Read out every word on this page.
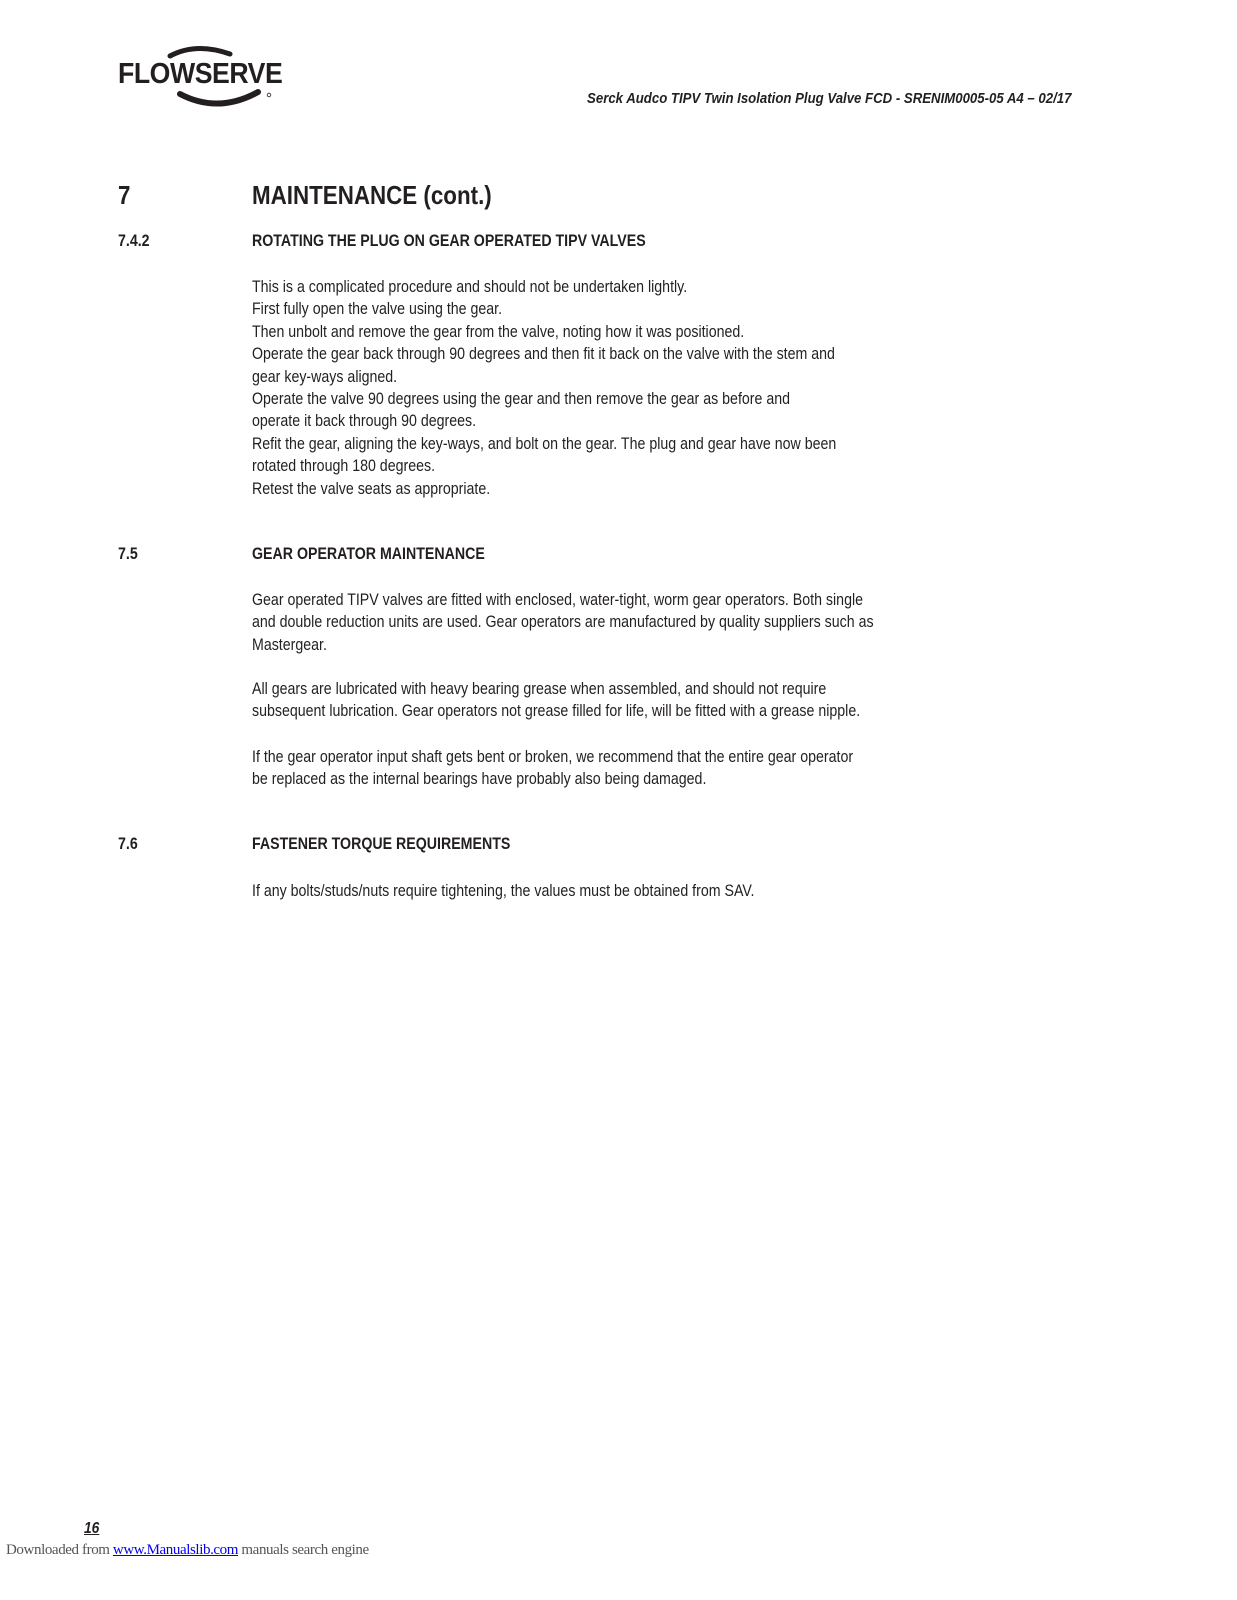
FLOWSERVE
Serck Audco TIPV Twin Isolation Plug Valve FCD - SRENIM0005-05 A4 – 02/17
7	MAINTENANCE (cont.)
7.4.2	ROTATING THE PLUG ON GEAR OPERATED TIPV VALVES
This is a complicated procedure and should not be undertaken lightly.
First fully open the valve using the gear.
Then unbolt and remove the gear from the valve, noting how it was positioned.
Operate the gear back through 90 degrees and then fit it back on the valve with the stem and
gear key-ways aligned.
Operate the valve 90 degrees using the gear and then remove the gear as before and
operate it back through 90 degrees.
Refit the gear, aligning the key-ways, and bolt on the gear. The plug and gear have now been
rotated through 180 degrees.
Retest the valve seats as appropriate.
7.5	GEAR OPERATOR MAINTENANCE
Gear operated TIPV valves are fitted with enclosed, water-tight, worm gear operators. Both single
and double reduction units are used. Gear operators are manufactured by quality suppliers such as
Mastergear.
All gears are lubricated with heavy bearing grease when assembled, and should not require
subsequent lubrication. Gear operators not grease filled for life, will be fitted with a grease nipple.
If the gear operator input shaft gets bent or broken, we recommend that the entire gear operator
be replaced as the internal bearings have probably also being damaged.
7.6	FASTENER TORQUE REQUIREMENTS
If any bolts/studs/nuts require tightening, the values must be obtained from SAV.
16
Downloaded from www.Manualslib.com manuals search engine
